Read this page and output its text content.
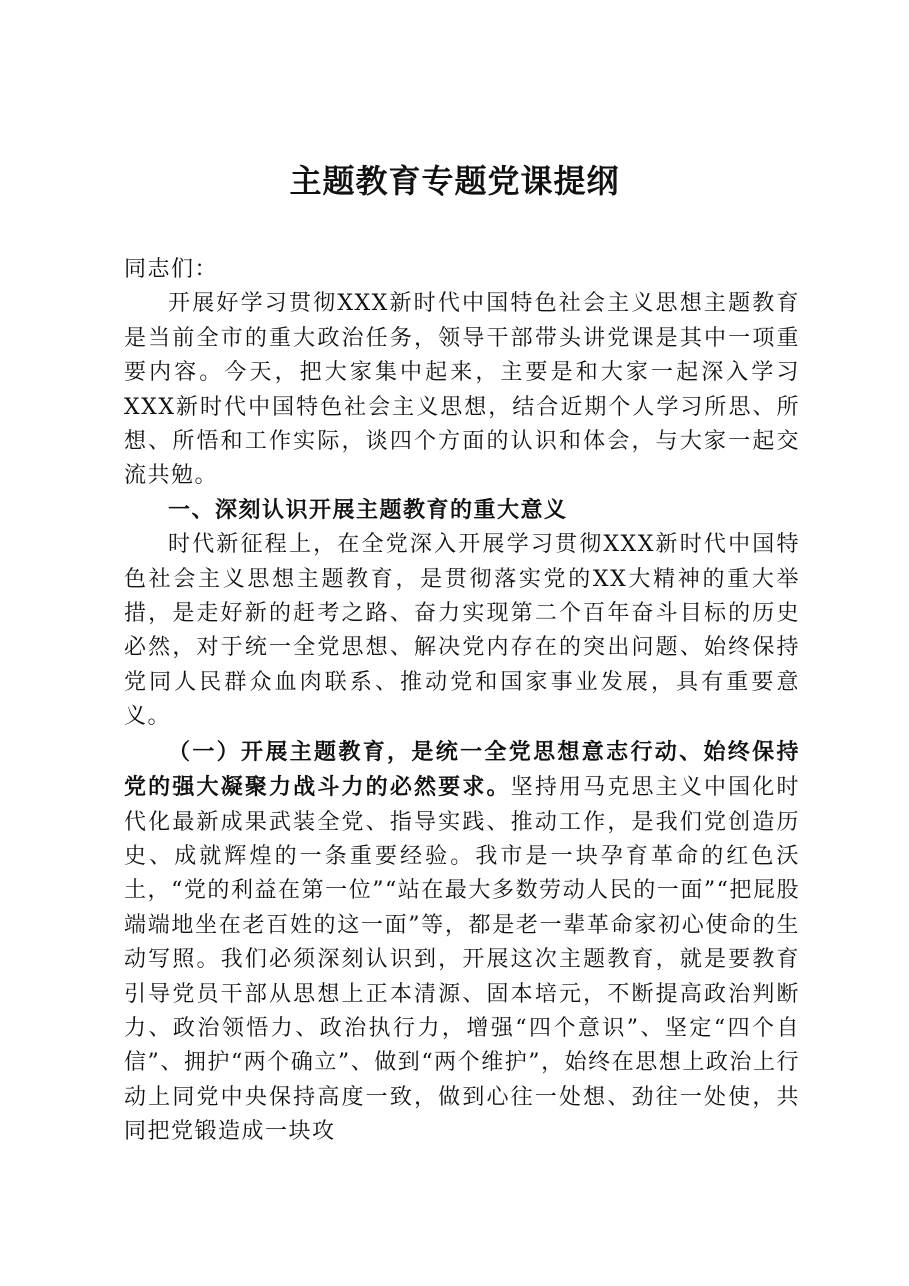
主题教育专题党课提纲

同志们：

开展好学习贯彻XXX新时代中国特色社会主义思想主题教育是当前全市的重大政治任务，领导干部带头讲党课是其中一项重要内容。今天，把大家集中起来，主要是和大家一起深入学习XXX新时代中国特色社会主义思想，结合近期个人学习所思、所想、所悟和工作实际，谈四个方面的认识和体会，与大家一起交流共勉。

一、深刻认识开展主题教育的重大意义

时代新征程上，在全党深入开展学习贯彻XXX新时代中国特色社会主义思想主题教育，是贯彻落实党的XX大精神的重大举措，是走好新的赶考之路、奋力实现第二个百年奋斗目标的历史必然，对于统一全党思想、解决党内存在的突出问题、始终保持党同人民群众血肉联系、推动党和国家事业发展，具有重要意义。

（一）开展主题教育，是统一全党思想意志行动、始终保持党的强大凝聚力战斗力的必然要求。坚持用马克思主义中国化时代化最新成果武装全党、指导实践、推动工作，是我们党创造历史、成就辉煌的一条重要经验。我市是一块孕育革命的红色沃土，“党的利益在第一位”“站在最大多数劳动人民的一面”“把屁股端端地坐在老百姓的这一面”等，都是老一辈革命家初心使命的生动写照。我们必须深刻认识到，开展这次主题教育，就是要教育引导党员干部从思想上正本清源、固本培元，不断提高政治判断力、政治领悟力、政治执行力，增强“四个意识”、坚定“四个自信”、拥护“两个确立”、做到“两个维护”，始终在思想上政治上行动上同党中央保持高度一致，做到心往一处想、劲往一处使，共同把党锻造成一块攻
